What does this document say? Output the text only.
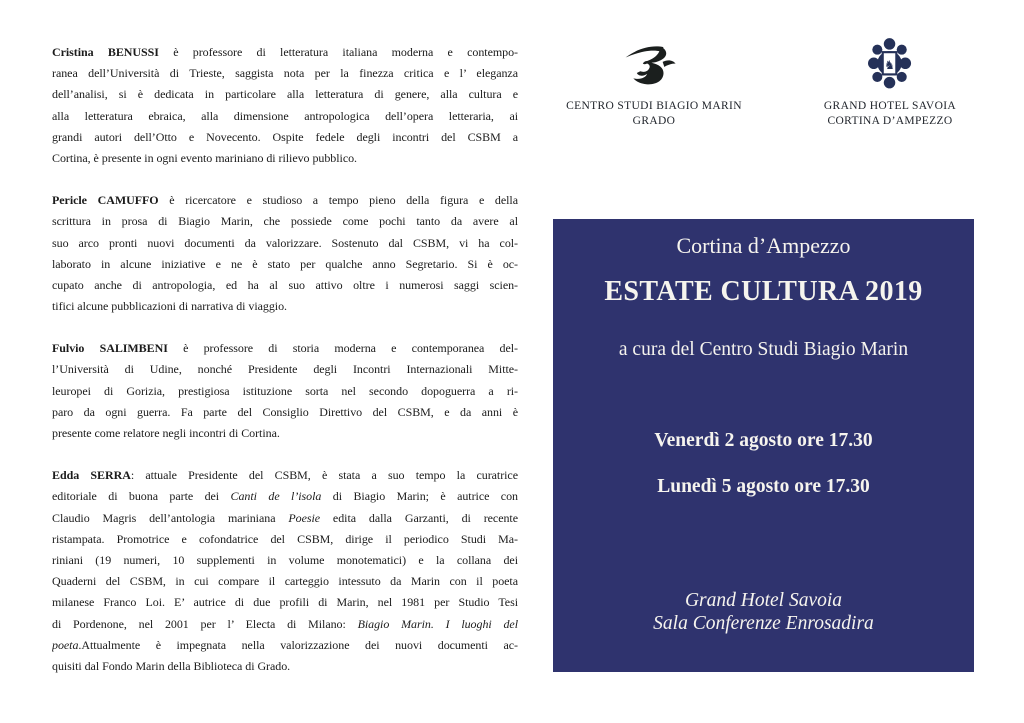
Cristina BENUSSI è professore di letteratura italiana moderna e contempo-
ranea dell’Università di Trieste, saggista nota per la finezza critica e l’ eleganza
dell’analisi, si è dedicata in particolare alla letteratura di genere, alla cultura e
alla letteratura ebraica, alla dimensione antropologica dell’opera letteraria, ai
grandi autori dell’Otto e Novecento. Ospite fedele degli incontri del CSBM a
Cortina, è presente in ogni evento mariniano di rilievo pubblico.
Pericle CAMUFFO è ricercatore e studioso a tempo pieno della figura e della
scrittura in prosa di Biagio Marin, che possiede come pochi tanto da avere al
suo arco pronti nuovi documenti da valorizzare. Sostenuto dal CSBM, vi ha col-
laborato in alcune iniziative e ne è stato per qualche anno Segretario. Si è oc-
cupato anche di antropologia, ed ha al suo attivo oltre i numerosi saggi scien-
tifici alcune pubblicazioni di narrativa di viaggio.
Fulvio SALIMBENI è professore di storia moderna e contemporanea del-
l’Università di Udine, nonché Presidente degli Incontri Internazionali Mitte-
leuropei di Gorizia, prestigiosa istituzione sorta nel secondo dopoguerra a ri-
paro da ogni guerra. Fa parte del Consiglio Direttivo del CSBM, e da anni è
presente come relatore negli incontri di Cortina.
Edda SERRA: attuale Presidente del CSBM, è stata a suo tempo la curatrice
editoriale di buona parte dei Canti de l’isola di Biagio Marin; è autrice con
Claudio Magris dell’antologia mariniana Poesie edita dalla Garzanti, di recente
ristampata. Promotrice e cofondatrice del CSBM, dirige il periodico Studi Ma-
riniani (19 numeri, 10 supplementi in volume monotematici) e la collana dei
Quaderni del CSBM, in cui compare il carteggio intessuto da Marin con il poeta
milanese Franco Loi. E’ autrice di due profili di Marin, nel 1981 per Studio Tesi
di Pordenone, nel 2001 per l’ Electa di Milano: Biagio Marin. I luoghi del
poeta.Attualmente è impegnata nella valorizzazione dei nuovi documenti ac-
quisiti dal Fondo Marin della Biblioteca di Grado.
CENTRO STUDI BIAGIO MARIN
GRADO
♞
GRAND HOTEL SAVOIA
CORTINA D’AMPEZZO
Cortina d’Ampezzo
ESTATE CULTURA 2019
a cura del Centro Studi Biagio Marin
Venerdì 2 agosto ore 17.30
Lunedì 5 agosto ore 17.30
Grand Hotel Savoia
Sala Conferenze Enrosadira
